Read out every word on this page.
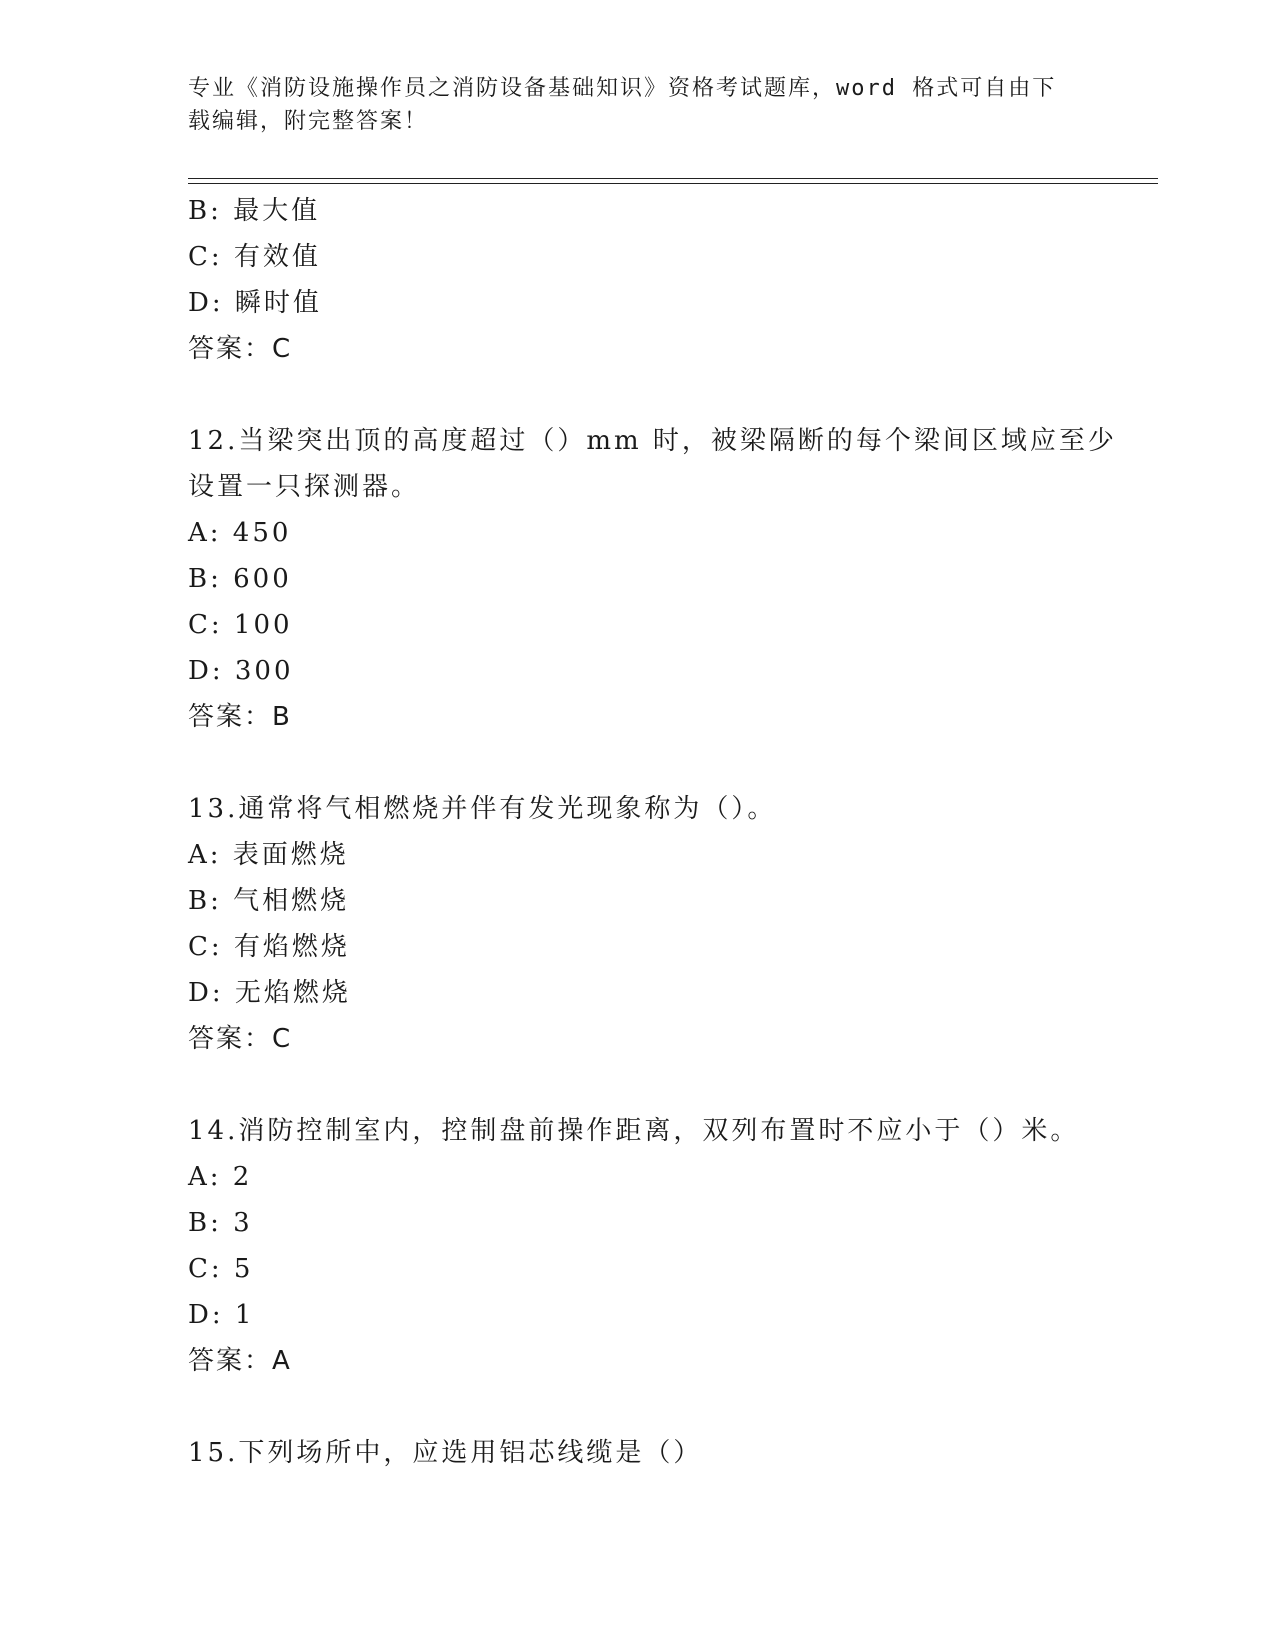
专业《消防设施操作员之消防设备基础知识》资格考试题库，word 格式可自由下
载编辑，附完整答案！
B: 最大值
C: 有效值
D: 瞬时值
答案：C
12.当梁突出顶的高度超过（）mm 时，被梁隔断的每个梁间区域应至少
设置一只探测器。
A: 450
B: 600
C: 100
D: 300
答案：B
13.通常将气相燃烧并伴有发光现象称为（）。
A: 表面燃烧
B: 气相燃烧
C: 有焰燃烧
D: 无焰燃烧
答案：C
14.消防控制室内，控制盘前操作距离，双列布置时不应小于（）米。
A: 2
B: 3
C: 5
D: 1
答案：A
15.下列场所中，应选用铝芯线缆是（）
